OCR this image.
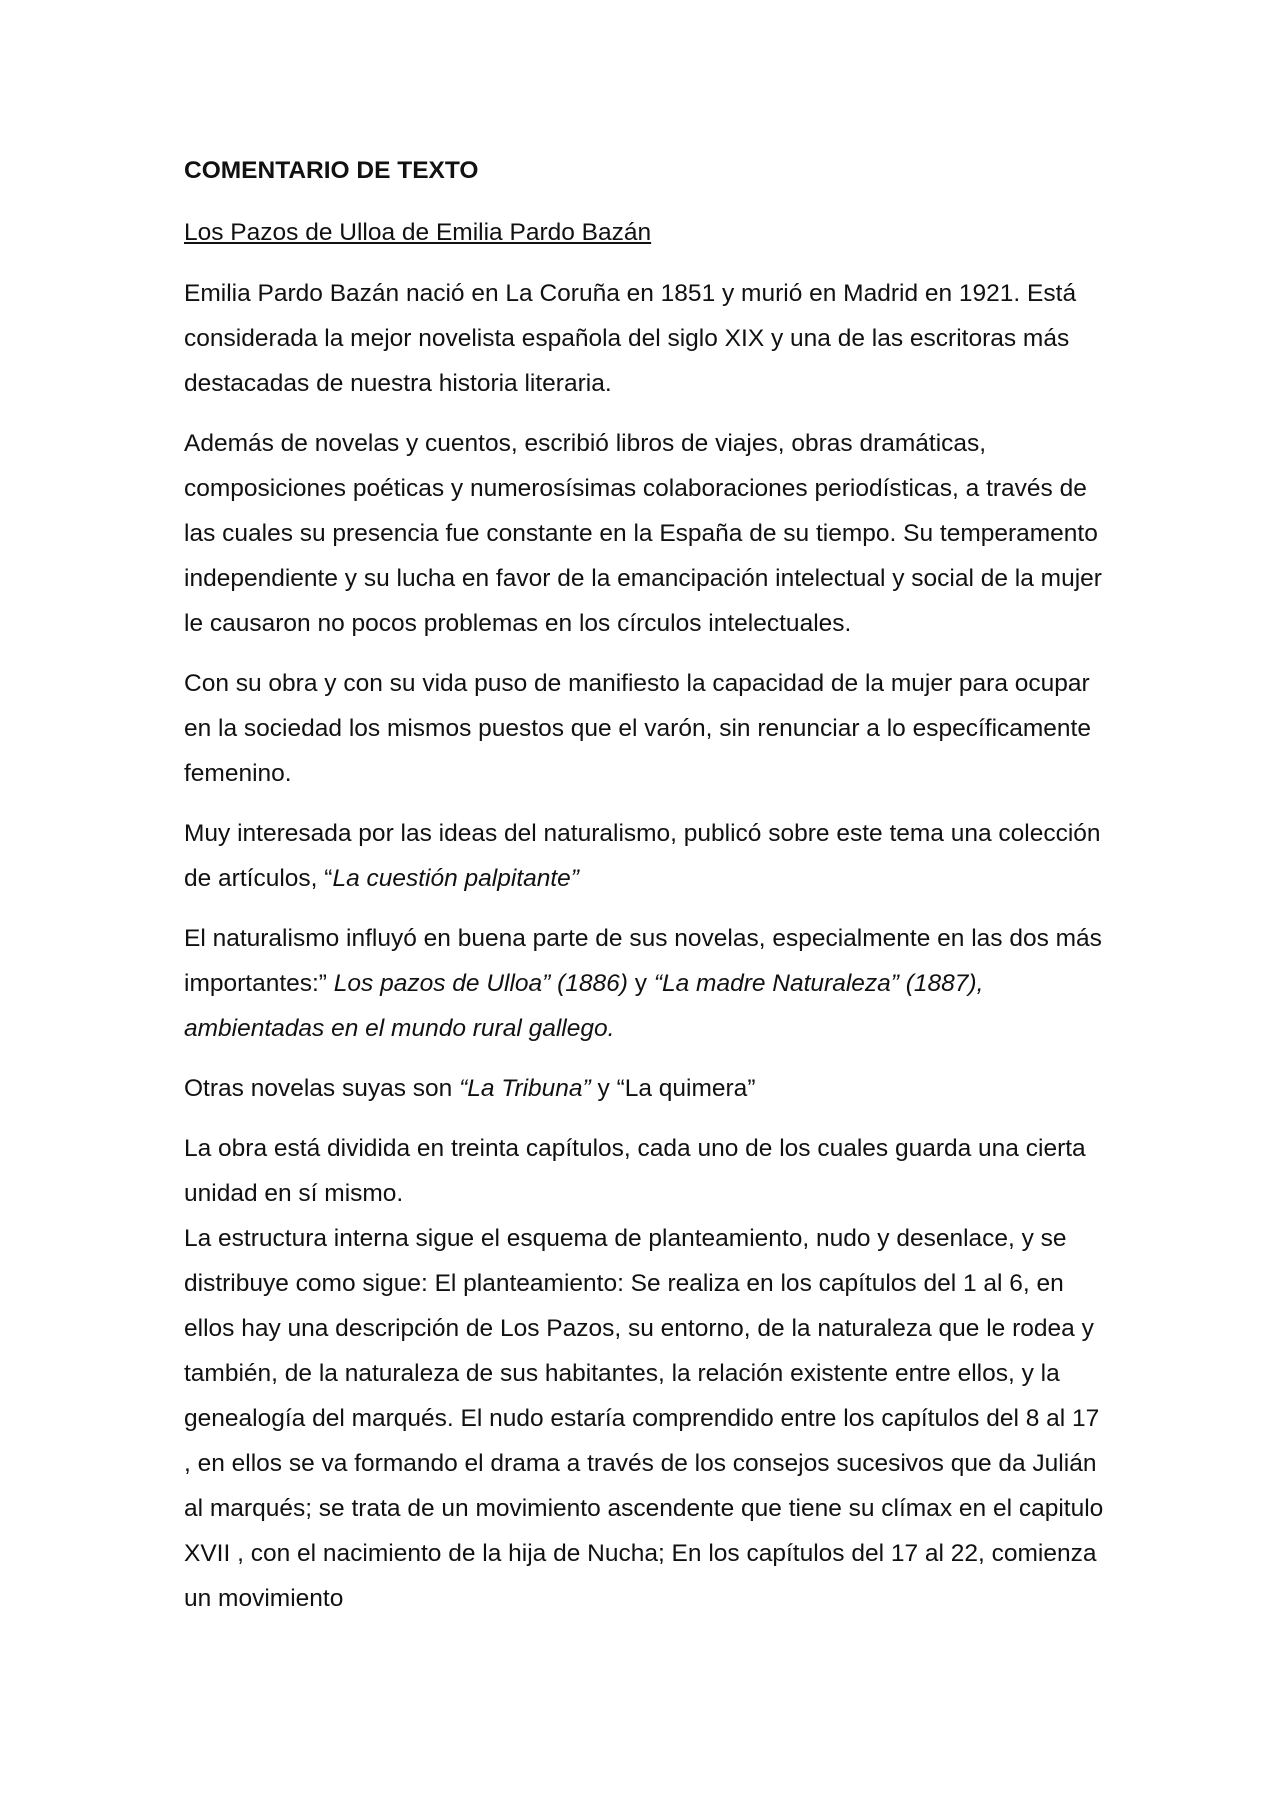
COMENTARIO DE TEXTO
Los Pazos de Ulloa de Emilia Pardo Bazán

Emilia Pardo Bazán nació en La Coruña en 1851 y murió en Madrid en 1921. Está considerada la mejor novelista española del siglo XIX y una de las escritoras más destacadas de nuestra historia literaria.

Además de novelas y cuentos, escribió libros de viajes, obras dramáticas, composiciones poéticas y numerosísimas colaboraciones periodísticas, a través de las cuales su presencia fue constante en la España de su tiempo. Su temperamento independiente y su lucha en favor de la emancipación intelectual y social de la mujer le causaron no pocos problemas en los círculos intelectuales.

Con su obra y con su vida puso de manifiesto la capacidad de la mujer para ocupar en la sociedad los mismos puestos que el varón, sin renunciar a lo específicamente femenino.

Muy interesada por las ideas del naturalismo, publicó sobre este tema una colección de artículos, “La cuestión palpitante”

El naturalismo influyó en buena parte de sus novelas, especialmente en las dos más importantes:” Los pazos de Ulloa” (1886) y “La madre Naturaleza” (1887), ambientadas en el mundo rural gallego.

Otras novelas suyas son “La Tribuna” y “La quimera”

La obra está dividida en treinta capítulos, cada uno de los cuales guarda una cierta unidad en sí mismo.

La estructura interna sigue el esquema de planteamiento, nudo y desenlace, y se distribuye como sigue: El planteamiento: Se realiza en los capítulos del 1 al 6, en ellos hay una descripción de Los Pazos, su entorno, de la naturaleza que le rodea y también, de la naturaleza de sus habitantes, la relación existente entre ellos, y la genealogía del marqués. El nudo estaría comprendido entre los capítulos del 8 al 17 , en ellos se va formando el drama a través de los consejos sucesivos que da Julián al marqués; se trata de un movimiento ascendente que tiene su clímax en el capitulo XVII , con el nacimiento de la hija de Nucha; En los capítulos del 17 al 22, comienza un movimiento
